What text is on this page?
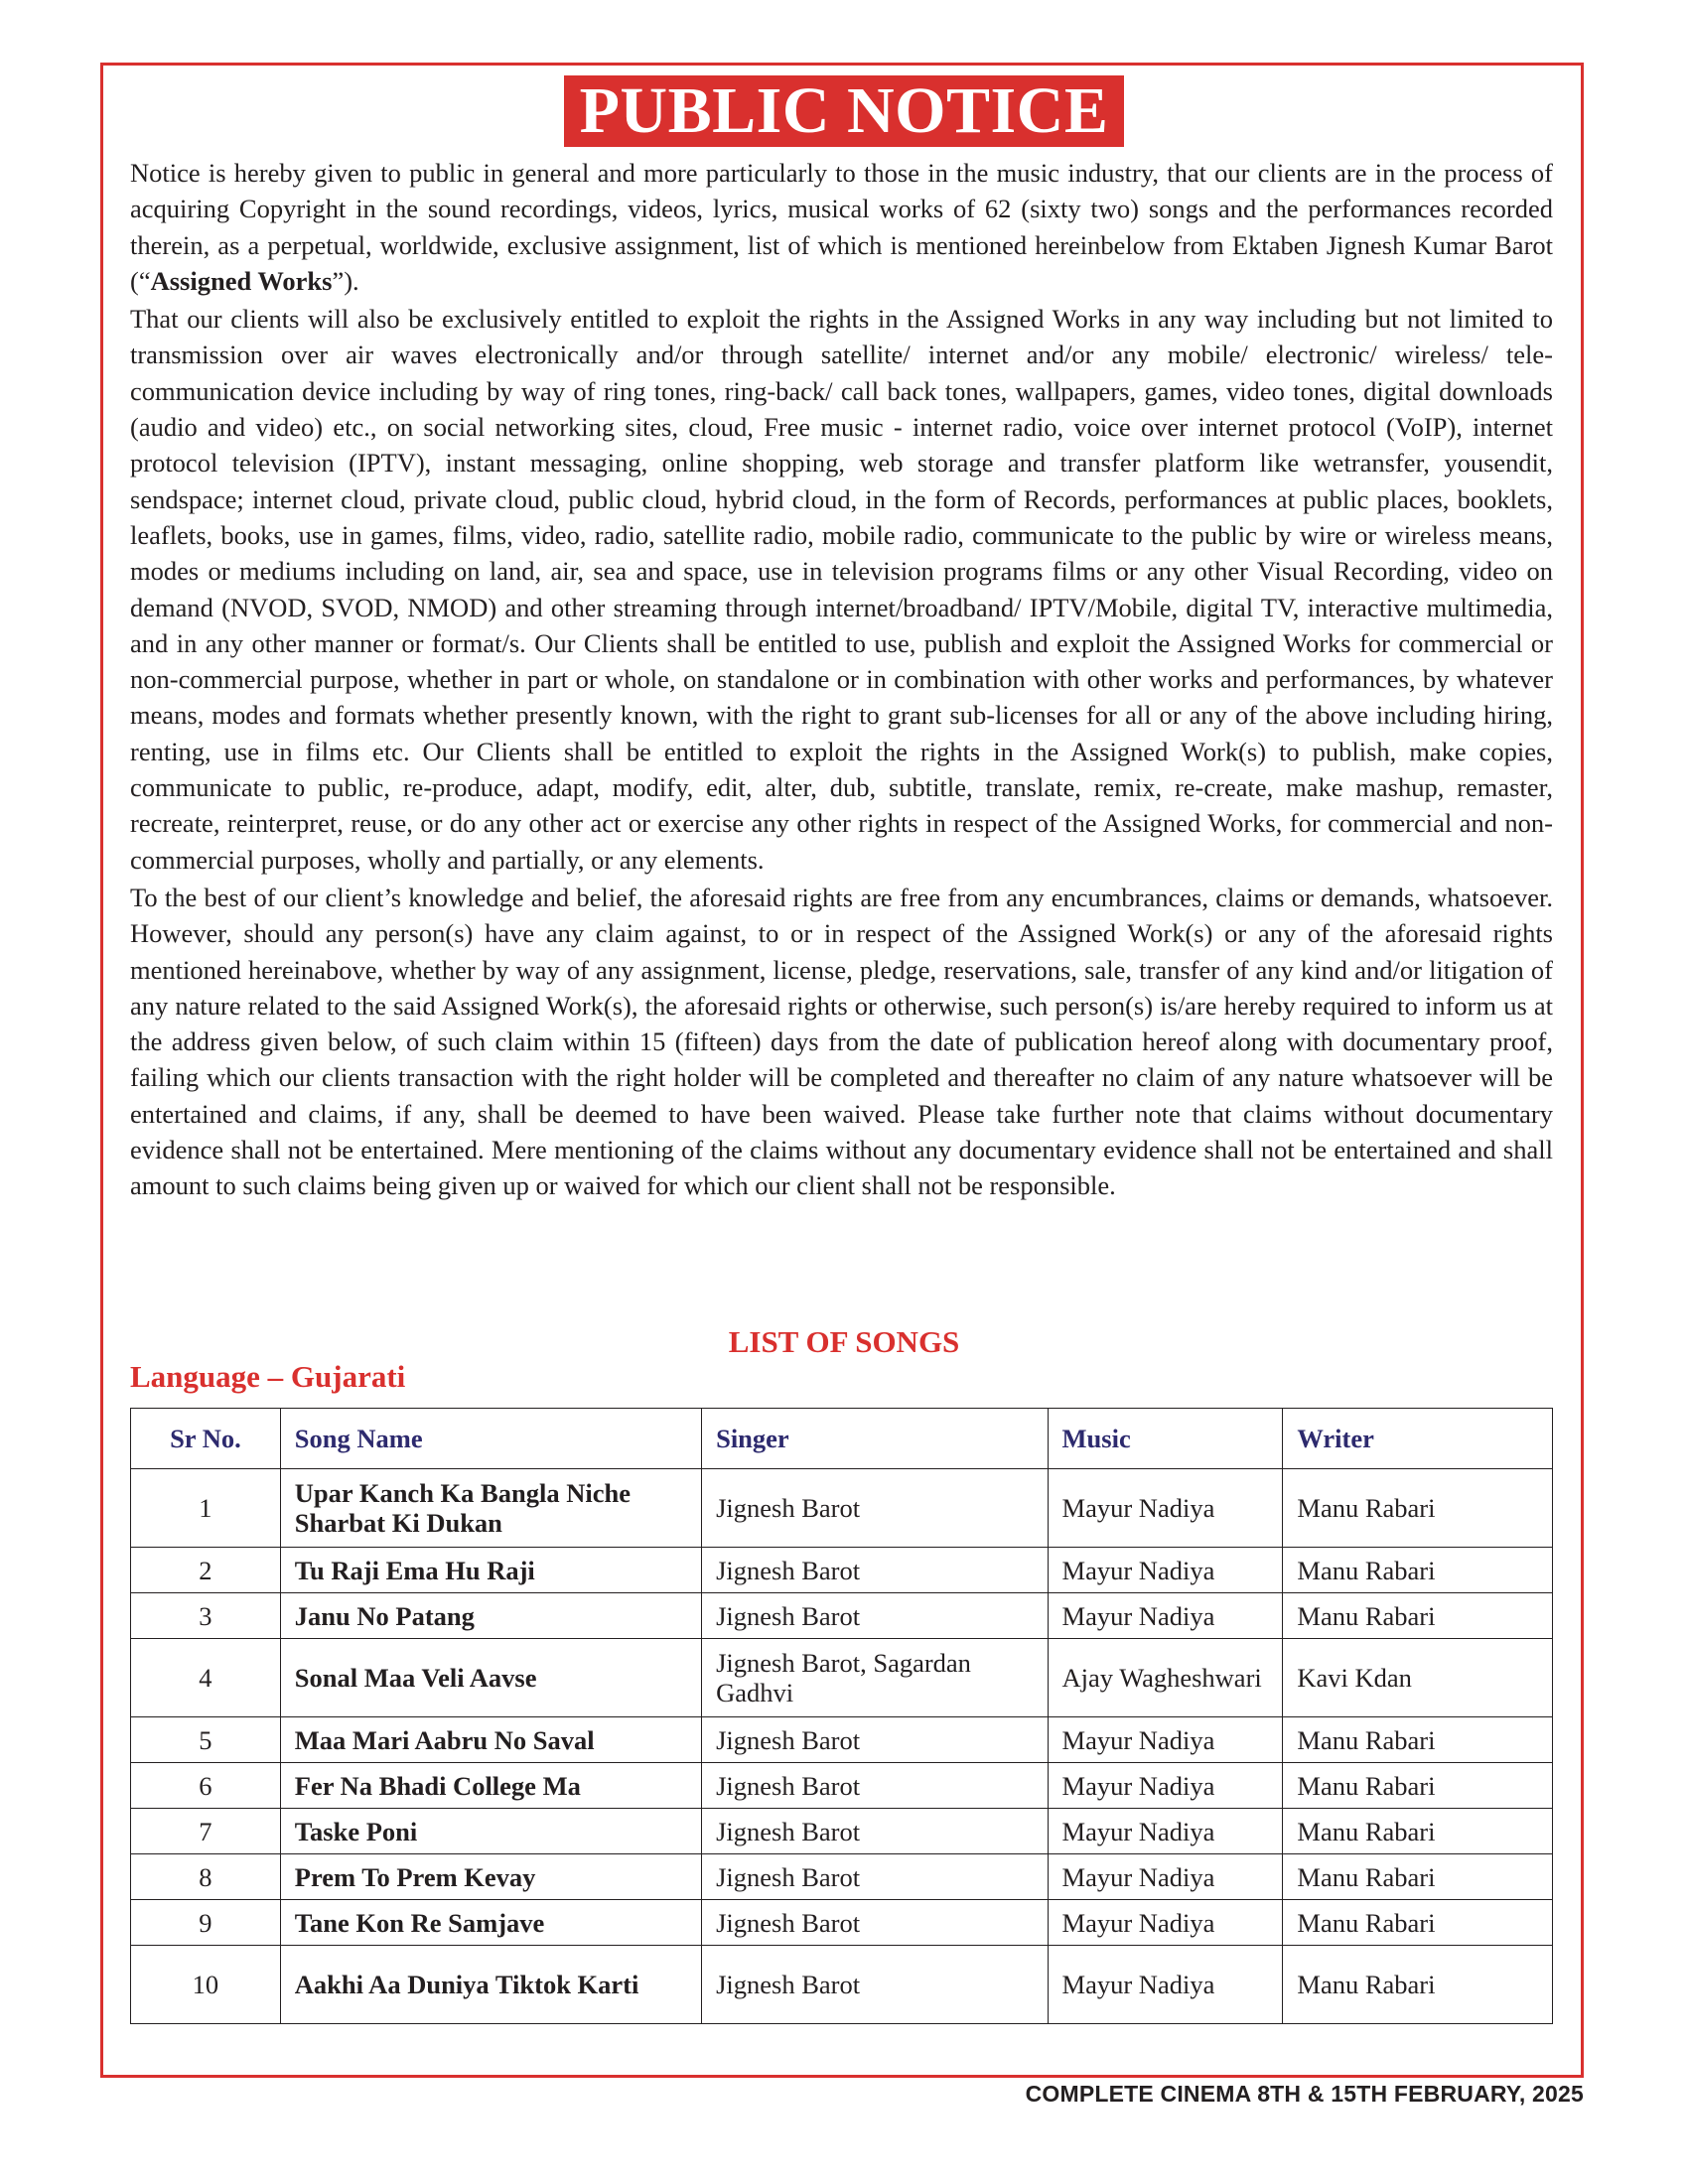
PUBLIC NOTICE

Notice is hereby given to public in general and more particularly to those in the music industry, that our clients are in the process of acquiring Copyright in the sound recordings, videos, lyrics, musical works of 62 (sixty two) songs and the performances recorded therein, as a perpetual, worldwide, exclusive assignment, list of which is mentioned hereinbelow from Ektaben Jignesh Kumar Barot (“Assigned Works”).

That our clients will also be exclusively entitled to exploit the rights in the Assigned Works in any way including but not limited to transmission over air waves electronically and/or through satellite/ internet and/or any mobile/ electronic/ wireless/ tele-communication device including by way of ring tones, ring-back/ call back tones, wallpapers, games, video tones, digital downloads (audio and video) etc., on social networking sites, cloud, Free music - internet radio, voice over internet protocol (VoIP), internet protocol television (IPTV), instant messaging, online shopping, web storage and transfer platform like wetransfer, yousendit, sendspace; internet cloud, private cloud, public cloud, hybrid cloud, in the form of Records, performances at public places, booklets, leaflets, books, use in games, films, video, radio, satellite radio, mobile radio, communicate to the public by wire or wireless means, modes or mediums including on land, air, sea and space, use in television programs films or any other Visual Recording, video on demand (NVOD, SVOD, NMOD) and other streaming through internet/broadband/ IPTV/Mobile, digital TV, interactive multimedia, and in any other manner or format/s. Our Clients shall be entitled to use, publish and exploit the Assigned Works for commercial or non-commercial purpose, whether in part or whole, on standalone or in combination with other works and performances, by whatever means, modes and formats whether presently known, with the right to grant sub-licenses for all or any of the above including hiring, renting, use in films etc. Our Clients shall be entitled to exploit the rights in the Assigned Work(s) to publish, make copies, communicate to public, re-produce, adapt, modify, edit, alter, dub, subtitle, translate, remix, re-create, make mashup, remaster, recreate, reinterpret, reuse, or do any other act or exercise any other rights in respect of the Assigned Works, for commercial and non-commercial purposes, wholly and partially, or any elements.

To the best of our client’s knowledge and belief, the aforesaid rights are free from any encumbrances, claims or demands, whatsoever. However, should any person(s) have any claim against, to or in respect of the Assigned Work(s) or any of the aforesaid rights mentioned hereinabove, whether by way of any assignment, license, pledge, reservations, sale, transfer of any kind and/or litigation of any nature related to the said Assigned Work(s), the aforesaid rights or otherwise, such person(s) is/are hereby required to inform us at the address given below, of such claim within 15 (fifteen) days from the date of publication hereof along with documentary proof, failing which our clients transaction with the right holder will be completed and thereafter no claim of any nature whatsoever will be entertained and claims, if any, shall be deemed to have been waived. Please take further note that claims without documentary evidence shall not be entertained. Mere mentioning of the claims without any documentary evidence shall not be entertained and shall amount to such claims being given up or waived for which our client shall not be responsible.

LIST OF SONGS
Language – Gujarati
Sr No.	Song Name	Singer	Music	Writer
1	Upar Kanch Ka Bangla Niche Sharbat Ki Dukan	Jignesh Barot	Mayur Nadiya	Manu Rabari
2	Tu Raji Ema Hu Raji	Jignesh Barot	Mayur Nadiya	Manu Rabari
3	Janu No Patang	Jignesh Barot	Mayur Nadiya	Manu Rabari
4	Sonal Maa Veli Aavse	Jignesh Barot, Sagardan Gadhvi	Ajay Wagheshwari	Kavi Kdan
5	Maa Mari Aabru No Saval	Jignesh Barot	Mayur Nadiya	Manu Rabari
6	Fer Na Bhadi College Ma	Jignesh Barot	Mayur Nadiya	Manu Rabari
7	Taske Poni	Jignesh Barot	Mayur Nadiya	Manu Rabari
8	Prem To Prem Kevay	Jignesh Barot	Mayur Nadiya	Manu Rabari
9	Tane Kon Re Samjave	Jignesh Barot	Mayur Nadiya	Manu Rabari
10	Aakhi Aa Duniya Tiktok Karti	Jignesh Barot	Mayur Nadiya	Manu Rabari
COMPLETE CINEMA 8TH & 15TH FEBRUARY, 2025
